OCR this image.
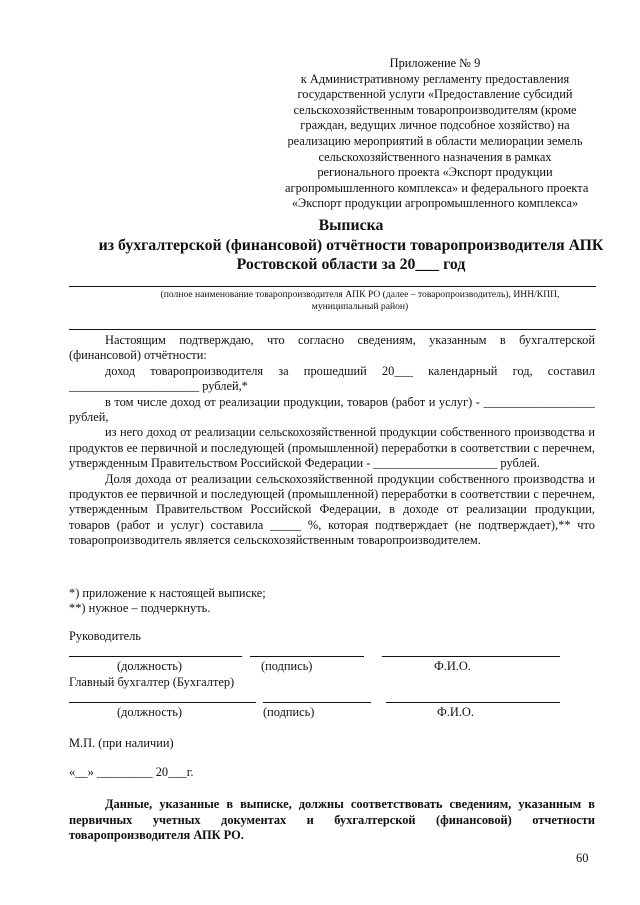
Приложение № 9
к Административному регламенту предоставления
государственной услуги «Предоставление субсидий
сельскохозяйственным товаропроизводителям (кроме
граждан, ведущих личное подсобное хозяйство) на
реализацию мероприятий в области мелиорации земель
сельскохозяйственного назначения в рамках
регионального проекта «Экспорт продукции
агропромышленного комплекса» и федерального проекта
«Экспорт продукции агропромышленного комплекса»
Выписка
из бухгалтерской (финансовой) отчётности товаропроизводителя АПК
Ростовской области за 20___ год
(полное наименование товаропроизводителя АПК РО (далее – товаропроизводитель), ИНН/КПП,
муниципальный район)

Настоящим подтверждаю, что согласно сведениям, указанным в бухгалтерской (финансовой) отчётности:

доход товаропроизводителя за прошедший 20___ календарный год, составил _____________________ рублей,*

в том числе доход от реализации продукции, товаров (работ и услуг) - __________________ рублей,

из него доход от реализации сельскохозяйственной продукции собственного производства и продуктов ее первичной и последующей (промышленной) переработки в соответствии с перечнем, утвержденным Правительством Российской Федерации - ____________________ рублей.

Доля дохода от реализации сельскохозяйственной продукции собственного производства и продуктов ее первичной и последующей (промышленной) переработки в соответствии с перечнем, утвержденным Правительством Российской Федерации, в доходе от реализации продукции, товаров (работ и услуг) составила _____ %, которая подтверждает (не подтверждает),** что товаропроизводитель является сельскохозяйственным товаропроизводителем.

*) приложение к настоящей выписке;
**) нужное – подчеркнуть.
Руководитель
(должность)	(подпись)	Ф.И.О.
Главный бухгалтер (Бухгалтер)
(должность)	(подпись)	Ф.И.О.
М.П. (при наличии)
«__» _________ 20___г.

Данные, указанные в выписке, должны соответствовать сведениям, указанным в первичных учетных документах и бухгалтерской (финансовой) отчетности товаропроизводителя АПК РО.

60
